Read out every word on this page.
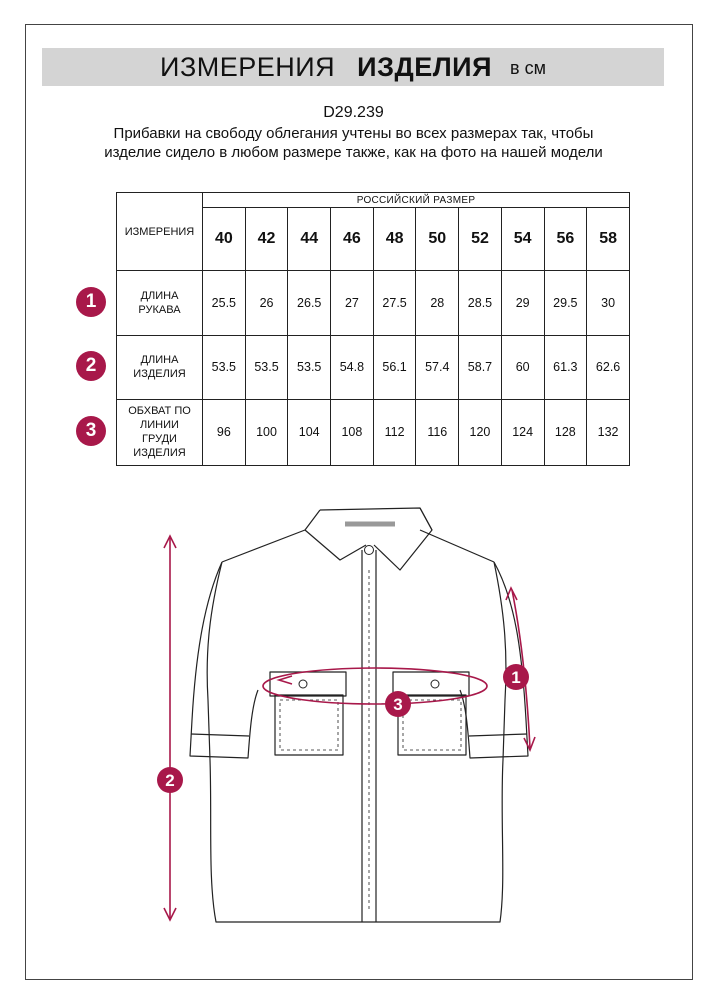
ИЗМЕРЕНИЯ ИЗДЕЛИЯ в см
D29.239
Прибавки на свободу облегания учтены во всех размерах так, чтобы изделие сидело в любом размере также, как на фото на нашей модели
ИЗМЕРЕНИЯ	РОССИЙСКИЙ РАЗМЕР									
	40	42	44	46	48	50	52	54	56	58

ДЛИНА
РУКАВА	25.5	26	26.5	27	27.5	28	28.5	29	29.5	30

ДЛИНА
ИЗДЕЛИЯ	53.5	53.5	53.5	54.8	56.1	57.4	58.7	60	61.3	62.6

ОБХВАТ ПО
ЛИНИИ
ГРУДИ
ИЗДЕЛИЯ	96	100	104	108	112	116	120	124	128	132
1
2
3
1
2
3
